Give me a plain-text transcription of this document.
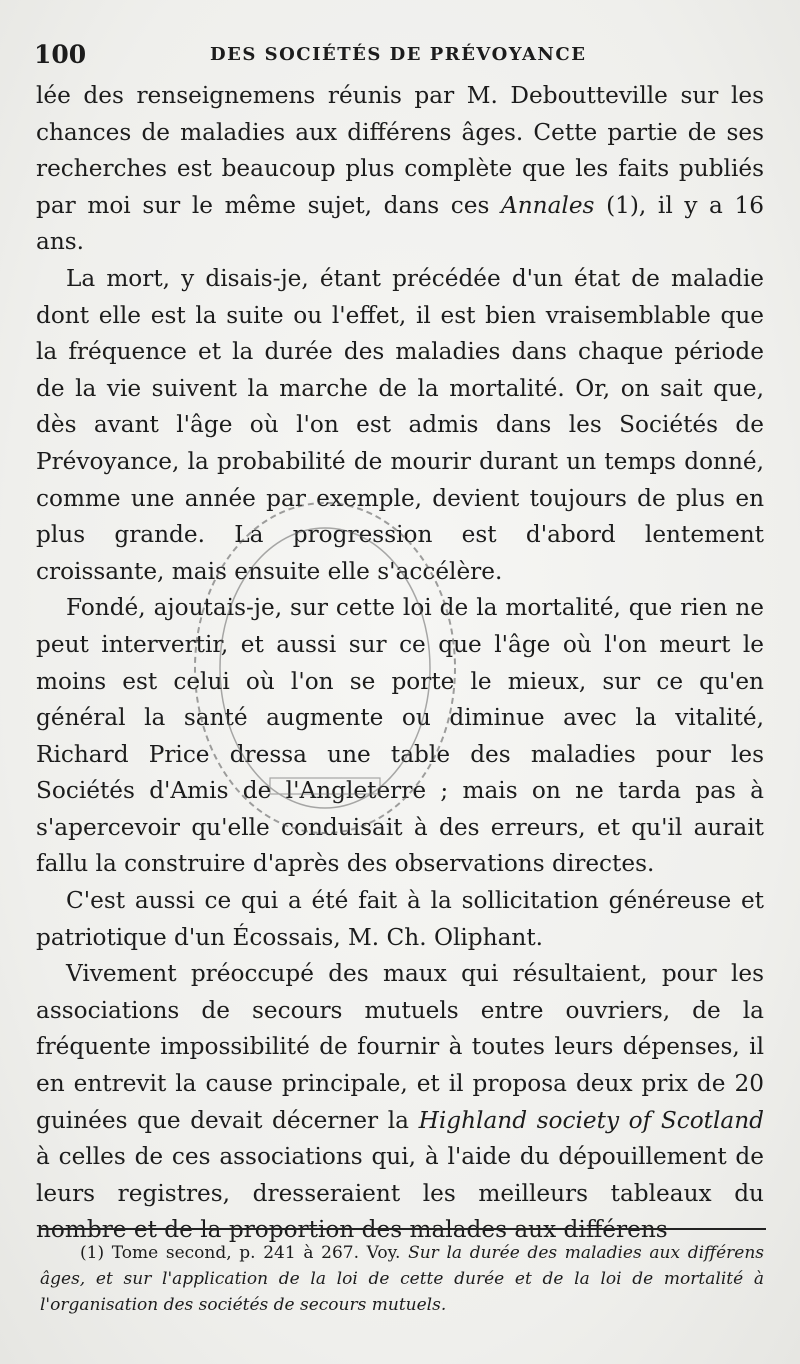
100	DES SOCIÉTÉS DE PRÉVOYANCE

lée des renseignemens réunis par M. Deboutteville sur les chances de maladies aux différens âges. Cette partie de ses recherches est beaucoup plus complète que les faits publiés par moi sur le même sujet, dans ces Annales (1), il y a 16 ans.

La mort, y disais-je, étant précédée d'un état de maladie dont elle est la suite ou l'effet, il est bien vraisemblable que la fréquence et la durée des maladies dans chaque période de la vie suivent la marche de la mortalité. Or, on sait que, dès avant l'âge où l'on est admis dans les Sociétés de Prévoyance, la probabilité de mourir durant un temps donné, comme une année par exemple, devient toujours de plus en plus grande. La progression est d'abord lentement croissante, mais ensuite elle s'accélère.

Fondé, ajoutais-je, sur cette loi de la mortalité, que rien ne peut intervertir, et aussi sur ce que l'âge où l'on meurt le moins est celui où l'on se porte le mieux, sur ce qu'en général la santé augmente ou diminue avec la vitalité, Richard Price dressa une table des maladies pour les Sociétés d'Amis de l'Angleterre ; mais on ne tarda pas à s'apercevoir qu'elle conduisait à des erreurs, et qu'il aurait fallu la construire d'après des observations directes.

C'est aussi ce qui a été fait à la sollicitation généreuse et patriotique d'un Écossais, M. Ch. Oliphant.

Vivement préoccupé des maux qui résultaient, pour les associations de secours mutuels entre ouvriers, de la fréquente impossibilité de fournir à toutes leurs dépenses, il en entrevit la cause principale, et il proposa deux prix de 20 guinées que devait décerner la Highland society of Scotland à celles de ces associations qui, à l'aide du dépouillement de leurs registres, dresseraient les meilleurs tableaux du nombre et de la proportion des malades aux différens

(1) Tome second, p. 241 à 267. Voy. Sur la durée des maladies aux différens âges, et sur l'application de la loi de cette durée et de la loi de mortalité à l'organisation des sociétés de secours mutuels.
